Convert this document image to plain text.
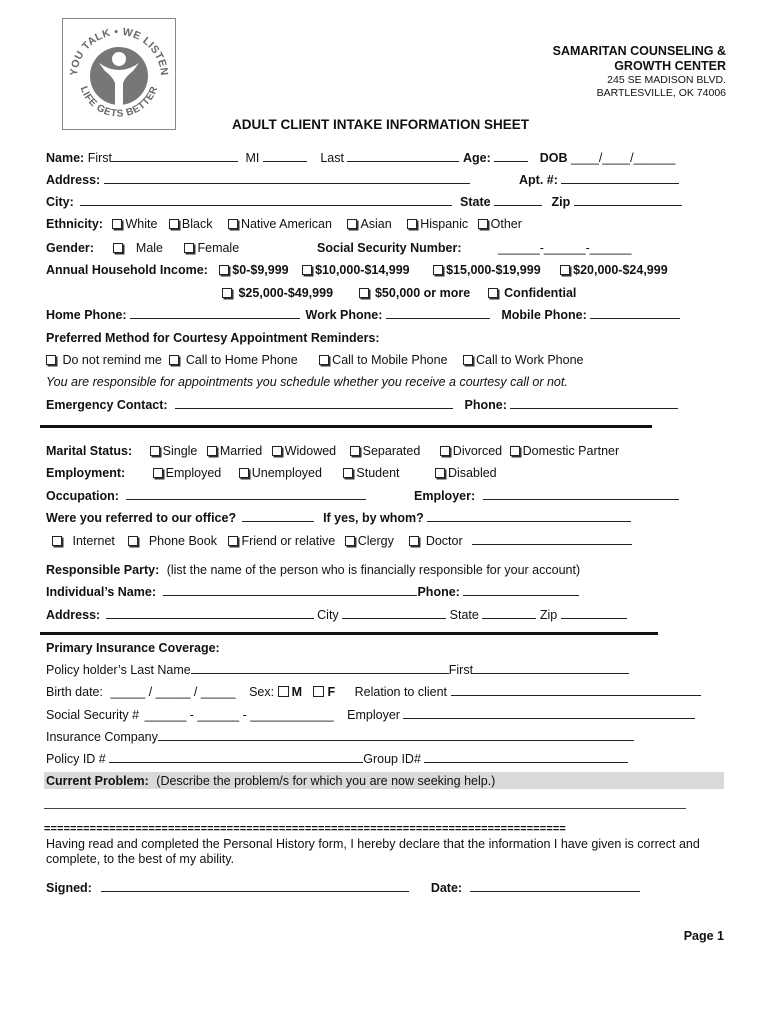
YOU TALK • WE LISTEN
LIFE GETS BETTER
SAMARITAN COUNSELING &
GROWTH CENTER
245 SE MADISON BLVD.
BARTLESVILLE, OK 74006
ADULT CLIENT INTAKE INFORMATION SHEET
Name: First	MI	Last	Age:	DOB ____/____/______
Address:	Apt. #:
City:	State	Zip
Ethnicity: White Black Native American Asian Hispanic Other
Gender:	Male	Female	Social Security Number:	______-______-______
Annual Household Income: $0-$9,999 $10,000-$14,999	$15,000-$19,999	$20,000-$24,999
$25,000-$49,999	$50,000 or more	Confidential
Home Phone:	Work Phone:	Mobile Phone:
Preferred Method for Courtesy Appointment Reminders:
Do not remind me Call to Home Phone	Call to Mobile Phone Call to Work Phone
You are responsible for appointments you schedule whether you receive a courtesy call or not.
Emergency Contact:	Phone:
Marital Status: Single Married Widowed Separated	Divorced Domestic Partner
Employment:	Employed Unemployed	Student	Disabled
Occupation:	Employer:
Were you referred to our office?	If yes, by whom?
Internet	Phone Book Friend or relative Clergy	Doctor
Responsible Party: (list the name of the person who is financially responsible for your account)
Individual’s Name:	Phone:
Address:	City	State	Zip
Primary Insurance Coverage:
Policy holder’s Last Name	First
Birth date: _____ / _____ / _____ Sex: M F Relation to client
Social Security # ______ - ______ - ____________ Employer
Insurance Company
Policy ID #	Group ID#
Current Problem: (Describe the problem/s for which you are now seeking help.)
================================================================================
Having read and completed the Personal History form, I hereby declare that the information I have given is correct and complete, to the best of my ability.
Signed:	Date:
Page 1
